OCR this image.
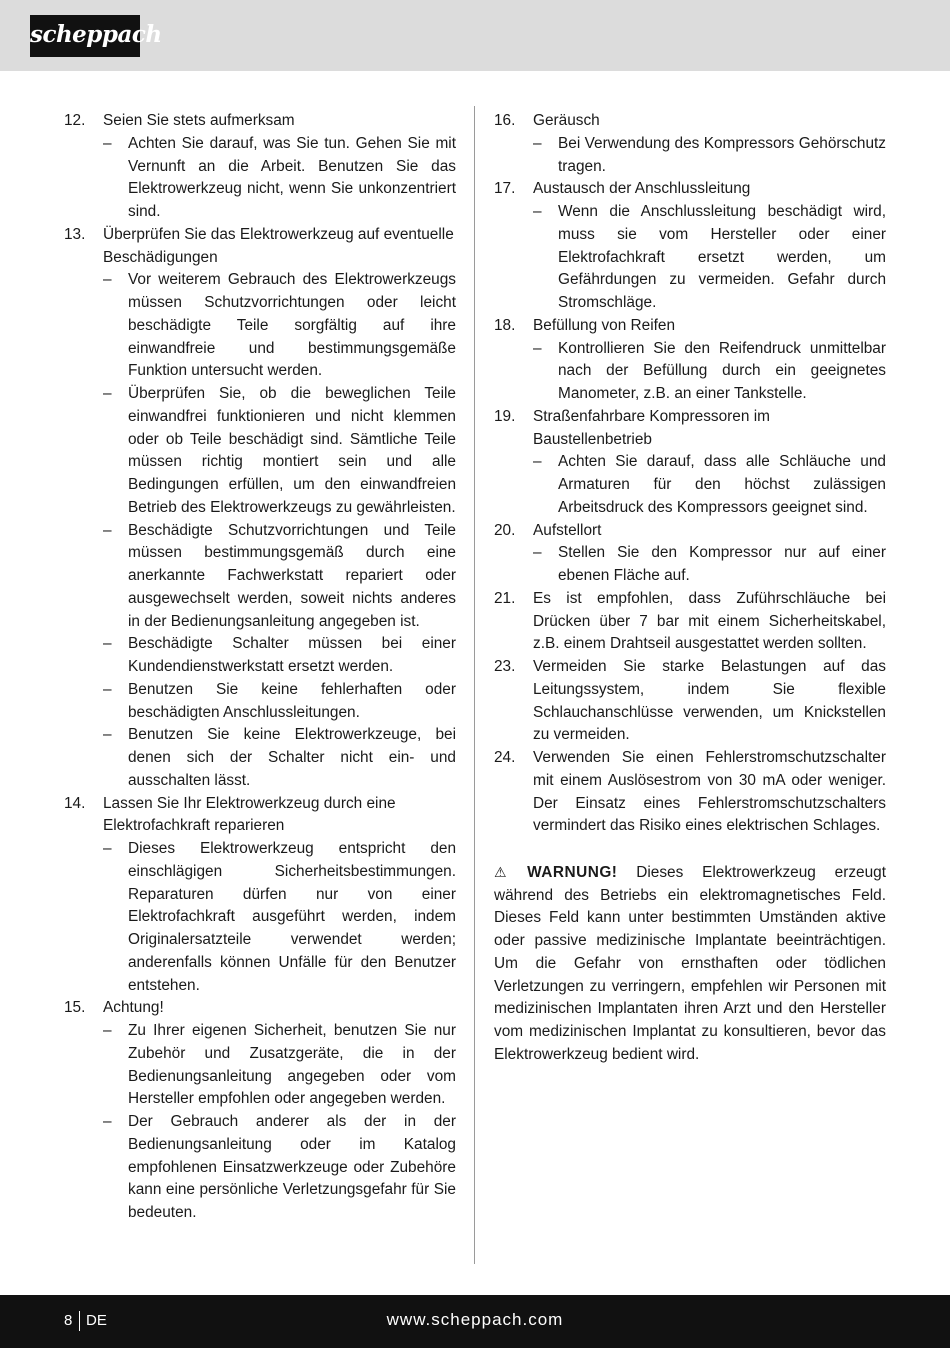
scheppach
12. Seien Sie stets aufmerksam
– Achten Sie darauf, was Sie tun. Gehen Sie mit Vernunft an die Arbeit. Benutzen Sie das Elektrowerkzeug nicht, wenn Sie unkonzentriert sind.
13. Überprüfen Sie das Elektrowerkzeug auf eventuelle Beschädigungen
– Vor weiterem Gebrauch des Elektrowerkzeugs müssen Schutzvorrichtungen oder leicht beschädigte Teile sorgfältig auf ihre einwandfreie und bestimmungsgemäße Funktion untersucht werden.
– Überprüfen Sie, ob die beweglichen Teile einwandfrei funktionieren und nicht klemmen oder ob Teile beschädigt sind. Sämtliche Teile müssen richtig montiert sein und alle Bedingungen erfüllen, um den einwandfreien Betrieb des Elektrowerkzeugs zu gewährleisten.
– Beschädigte Schutzvorrichtungen und Teile müssen bestimmungsgemäß durch eine anerkannte Fachwerkstatt repariert oder ausgewechselt werden, soweit nichts anderes in der Bedienungsanleitung angegeben ist.
– Beschädigte Schalter müssen bei einer Kundendienstwerkstatt ersetzt werden.
– Benutzen Sie keine fehlerhaften oder beschädigten Anschlussleitungen.
– Benutzen Sie keine Elektrowerkzeuge, bei denen sich der Schalter nicht ein- und ausschalten lässt.
14. Lassen Sie Ihr Elektrowerkzeug durch eine Elektrofachkraft reparieren
– Dieses Elektrowerkzeug entspricht den einschlägigen Sicherheitsbestimmungen. Reparaturen dürfen nur von einer Elektrofachkraft ausgeführt werden, indem Originalersatzteile verwendet werden; anderenfalls können Unfälle für den Benutzer entstehen.
15. Achtung!
– Zu Ihrer eigenen Sicherheit, benutzen Sie nur Zubehör und Zusatzgeräte, die in der Bedienungsanleitung angegeben oder vom Hersteller empfohlen oder angegeben werden.
– Der Gebrauch anderer als der in der Bedienungsanleitung oder im Katalog empfohlenen Einsatzwerkzeuge oder Zubehöre kann eine persönliche Verletzungsgefahr für Sie bedeuten.
16. Geräusch
– Bei Verwendung des Kompressors Gehörschutz tragen.
17. Austausch der Anschlussleitung
– Wenn die Anschlussleitung beschädigt wird, muss sie vom Hersteller oder einer Elektrofachkraft ersetzt werden, um Gefährdungen zu vermeiden. Gefahr durch Stromschläge.
18. Befüllung von Reifen
– Kontrollieren Sie den Reifendruck unmittelbar nach der Befüllung durch ein geeignetes Manometer, z.B. an einer Tankstelle.
19. Straßenfahrbare Kompressoren im Baustellenbetrieb
– Achten Sie darauf, dass alle Schläuche und Armaturen für den höchst zulässigen Arbeitsdruck des Kompressors geeignet sind.
20. Aufstellort
– Stellen Sie den Kompressor nur auf einer ebenen Fläche auf.
21. Es ist empfohlen, dass Zuführschläuche bei Drücken über 7 bar mit einem Sicherheitskabel, z.B. einem Drahtseil ausgestattet werden sollten.
23. Vermeiden Sie starke Belastungen auf das Leitungssystem, indem Sie flexible Schlauchanschlüsse verwenden, um Knickstellen zu vermeiden.
24. Verwenden Sie einen Fehlerstromschutzschalter mit einem Auslösestrom von 30 mA oder weniger. Der Einsatz eines Fehlerstromschutzschalters vermindert das Risiko eines elektrischen Schlages.
⚠ WARNUNG! Dieses Elektrowerkzeug erzeugt während des Betriebs ein elektromagnetisches Feld. Dieses Feld kann unter bestimmten Umständen aktive oder passive medizinische Implantate beeinträchtigen. Um die Gefahr von ernsthaften oder tödlichen Verletzungen zu verringern, empfehlen wir Personen mit medizinischen Implantaten ihren Arzt und den Hersteller vom medizinischen Implantat zu konsultieren, bevor das Elektrowerkzeug bedient wird.
8 DE	www.scheppach.com
